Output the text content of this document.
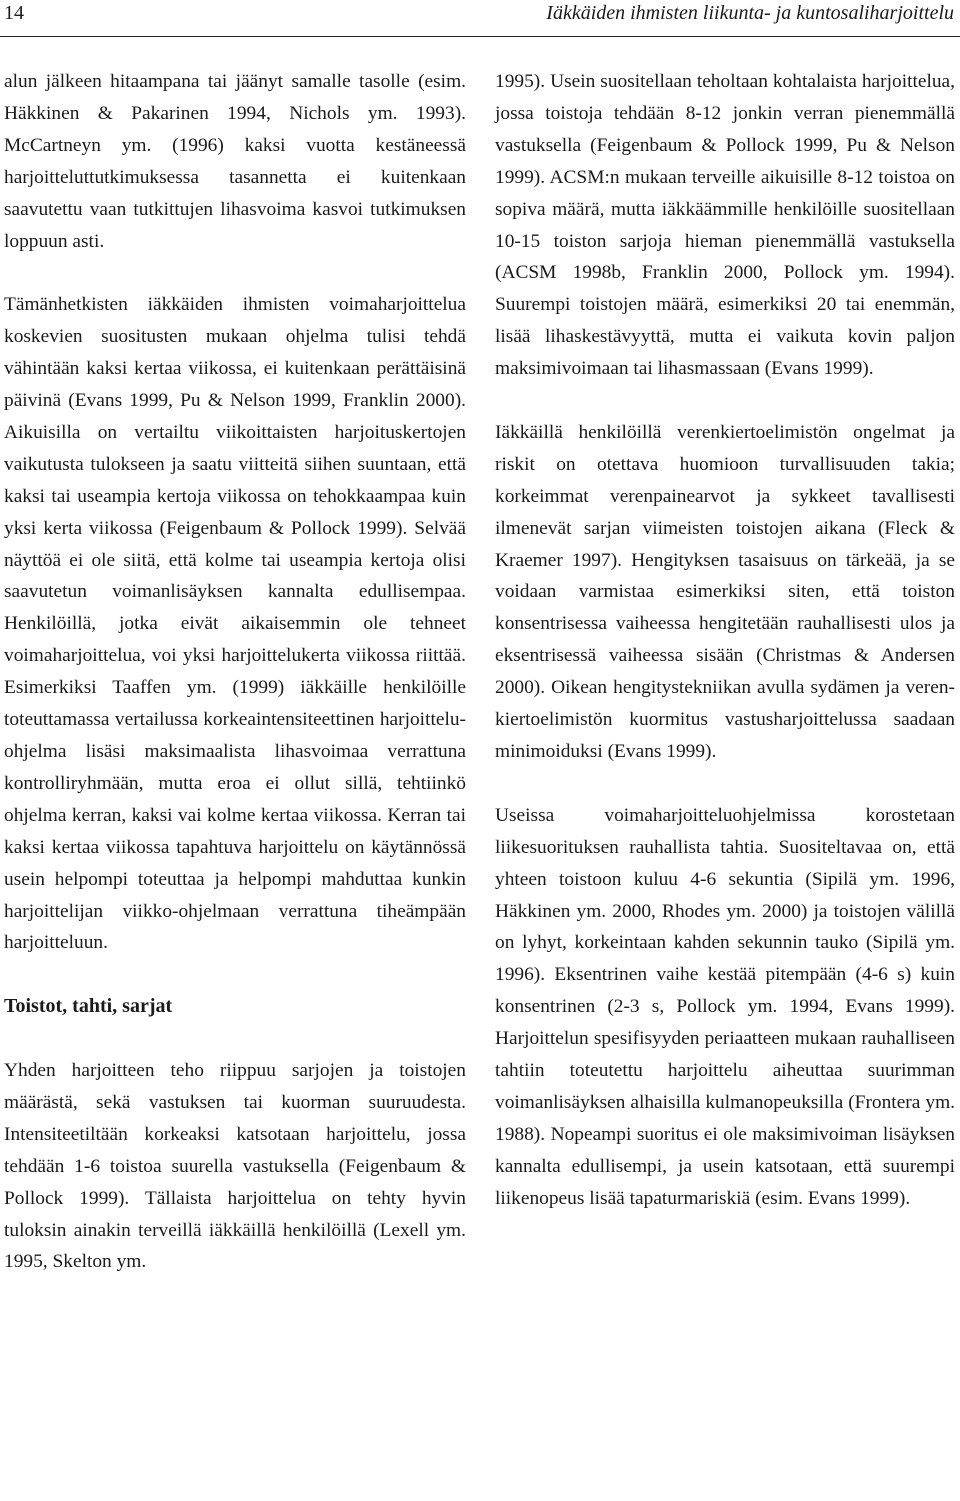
14	Iäkkäiden ihmisten liikunta- ja kuntosaliharjoittelu

alun jälkeen hitaampana tai jäänyt samalle tasolle (esim. Häkkinen & Pakarinen 1994, Nichols ym. 1993). McCartneyn ym. (1996) kaksi vuotta kestäneessä harjoitteluttutkimuksessa tasannetta ei kuitenkaan saavutettu vaan tutkittujen lihasvoima kasvoi tutkimuksen loppuun asti.

Tämänhetkisten iäkkäiden ihmisten voimaharjoittelua koskevien suositusten mukaan ohjelma tulisi tehdä vähintään kaksi kertaa viikossa, ei kuitenkaan perättäisinä päivinä (Evans 1999, Pu & Nelson 1999, Franklin 2000). Aikuisilla on vertailtu viikoittaisten harjoituskertojen vaikutusta tulokseen ja saatu viitteitä siihen suuntaan, että kaksi tai useampia kertoja viikossa on tehokkaampaa kuin yksi kerta viikossa (Feigenbaum & Pollock 1999). Selvää näyttöä ei ole siitä, että kolme tai useampia kertoja olisi saavutetun voimanlisäyksen kannalta edullisempaa. Henkilöillä, jotka eivät aikaisemmin ole tehneet voimaharjoittelua, voi yksi harjoittelukerta viikossa riittää. Esimerkiksi Taaffen ym. (1999) iäkkäille henkilöille toteuttamassa vertailussa korkeaintensiteettinen harjoitteluohjelma lisäsi maksimaalista lihasvoimaa verrattuna kontrolliryhmään, mutta eroa ei ollut sillä, tehtiinkö ohjelma kerran, kaksi vai kolme kertaa viikossa. Kerran tai kaksi kertaa viikossa tapahtuva harjoittelu on käytännössä usein helpompi toteuttaa ja helpompi mahduttaa kunkin harjoittelijan viikko-ohjelmaan verrattuna tiheämpään harjoitteluun.

Toistot, tahti, sarjat

Yhden harjoitteen teho riippuu sarjojen ja toistojen määrästä, sekä vastuksen tai kuorman suuruudesta. Intensiteetiltään korkeaksi katsotaan harjoittelu, jossa tehdään 1-6 toistoa suurella vastuksella (Feigenbaum & Pollock 1999). Tällaista harjoittelua on tehty hyvin tuloksin ainakin terveillä iäkkäillä henkilöillä (Lexell ym. 1995, Skelton ym.

1995). Usein suositellaan teholtaan kohtalaista harjoittelua, jossa toistoja tehdään 8-12 jonkin verran pienemmällä vastuksella (Feigenbaum & Pollock 1999, Pu & Nelson 1999). ACSM:n mukaan terveille aikuisille 8-12 toistoa on sopiva määrä, mutta iäkkäämmille henkilöille suositellaan 10-15 toiston sarjoja hieman pienemmällä vastuksella (ACSM 1998b, Franklin 2000, Pollock ym. 1994). Suurempi toistojen määrä, esimerkiksi 20 tai enemmän, lisää lihaskestävyyttä, mutta ei vaikuta kovin paljon maksimivoimaan tai lihasmassaan (Evans 1999).

Iäkkäillä henkilöillä verenkiertoelimistön ongelmat ja riskit on otettava huomioon turvallisuuden takia; korkeimmat verenpainearvot ja sykkeet tavallisesti ilmenevät sarjan viimeisten toistojen aikana (Fleck & Kraemer 1997). Hengityksen tasaisuus on tärkeää, ja se voidaan varmistaa esimerkiksi siten, että toiston konsentrisessa vaiheessa hengitetään rauhallisesti ulos ja eksentrisessä vaiheessa sisään (Christmas & Andersen 2000). Oikean hengitystekniikan avulla sydämen ja verenkiertoelimistön kuormitus vastusharjoittelussa saadaan minimoiduksi (Evans 1999).

Useissa voimaharjoitteluohjelmissa korostetaan liikesuorituksen rauhallista tahtia. Suositeltavaa on, että yhteen toistoon kuluu 4-6 sekuntia (Sipilä ym. 1996, Häkkinen ym. 2000, Rhodes ym. 2000) ja toistojen välillä on lyhyt, korkeintaan kahden sekunnin tauko (Sipilä ym. 1996). Eksentrinen vaihe kestää pitempään (4-6 s) kuin konsentrinen (2-3 s, Pollock ym. 1994, Evans 1999). Harjoittelun spesifisyyden periaatteen mukaan rauhalliseen tahtiin toteutettu harjoittelu aiheuttaa suurimman voimanlisäyksen alhaisilla kulmanopeuksilla (Frontera ym. 1988). Nopeampi suoritus ei ole maksimivoiman lisäyksen kannalta edullisempi, ja usein katsotaan, että suurempi liikenopeus lisää tapaturmariskiä (esim. Evans 1999).
